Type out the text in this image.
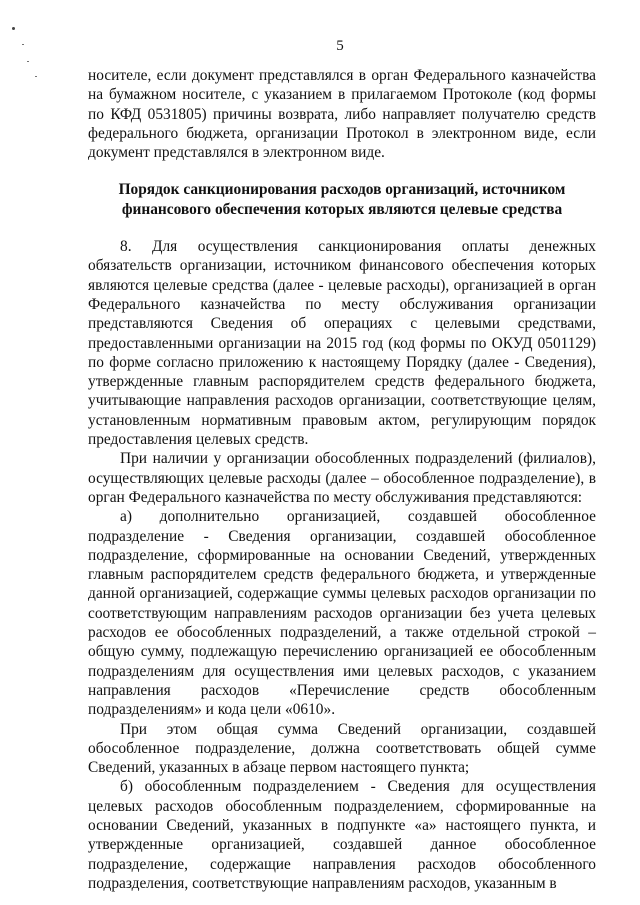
5

носителе, если документ представлялся в орган Федерального казначейства на бумажном носителе, с указанием в прилагаемом Протоколе (код формы по КФД 0531805) причины возврата, либо направляет получателю средств федерального бюджета, организации Протокол в электронном виде, если документ представлялся в электронном виде.

Порядок санкционирования расходов организаций, источником финансового обеспечения которых являются целевые средства

8. Для осуществления санкционирования оплаты денежных обязательств организации, источником финансового обеспечения которых являются целевые средства (далее - целевые расходы), организацией в орган Федерального казначейства по месту обслуживания организации представляются Сведения об операциях с целевыми средствами, предоставленными организации на 2015 год (код формы по ОКУД 0501129) по форме согласно приложению к настоящему Порядку (далее - Сведения), утвержденные главным распорядителем средств федерального бюджета, учитывающие направления расходов организации, соответствующие целям, установленным нормативным правовым актом, регулирующим порядок предоставления целевых средств.

При наличии у организации обособленных подразделений (филиалов), осуществляющих целевые расходы (далее – обособленное подразделение), в орган Федерального казначейства по месту обслуживания представляются:

а) дополнительно организацией, создавшей обособленное подразделение - Сведения организации, создавшей обособленное подразделение, сформированные на основании Сведений, утвержденных главным распорядителем средств федерального бюджета, и утвержденные данной организацией, содержащие суммы целевых расходов организации по соответствующим направлениям расходов организации без учета целевых расходов ее обособленных подразделений, а также отдельной строкой – общую сумму, подлежащую перечислению организацией ее обособленным подразделениям для осуществления ими целевых расходов, с указанием направления расходов «Перечисление средств обособленным подразделениям» и кода цели «0610».

При этом общая сумма Сведений организации, создавшей обособленное подразделение, должна соответствовать общей сумме Сведений, указанных в абзаце первом настоящего пункта;

б) обособленным подразделением - Сведения для осуществления целевых расходов обособленным подразделением, сформированные на основании Сведений, указанных в подпункте «а» настоящего пункта, и утвержденные организацией, создавшей данное обособленное подразделение, содержащие направления расходов обособленного подразделения, соответствующие направлениям расходов, указанным в
